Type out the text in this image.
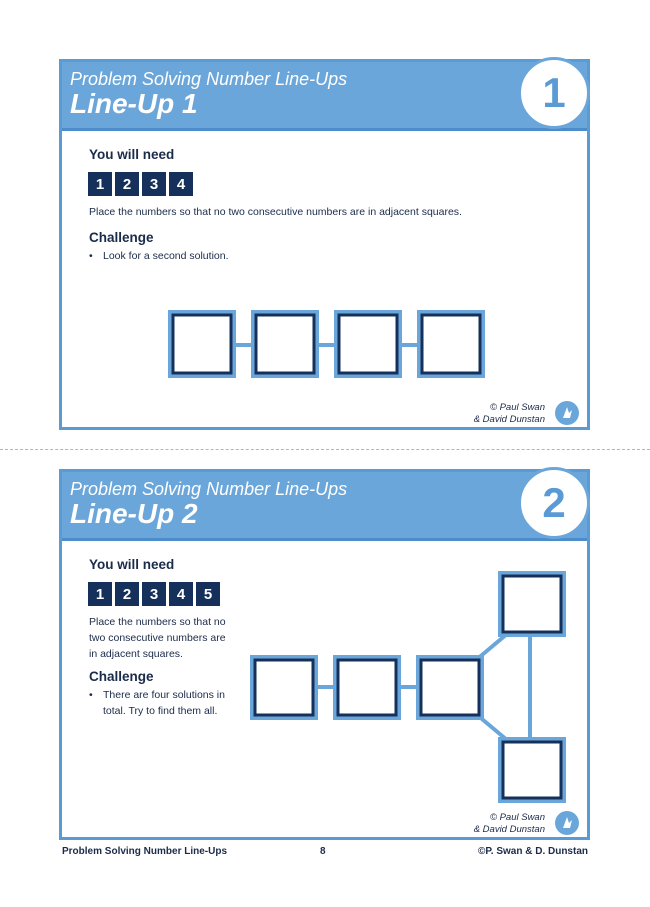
Problem Solving Number Line-Ups
Line-Up 1	1
You will need
1	2	3	4
Place the numbers so that no two consecutive numbers are in adjacent squares.
Challenge
• Look for a second solution.
© Paul Swan
& David Dunstan
Problem Solving Number Line-Ups
Line-Up 2	2
You will need
1	2	3	4	5
Place the numbers so that no
two consecutive numbers are
in adjacent squares.
Challenge
• There are four solutions in
total. Try to find them all.
© Paul Swan
& David Dunstan
Problem Solving Number Line-Ups	8	©P. Swan & D. Dunstan
